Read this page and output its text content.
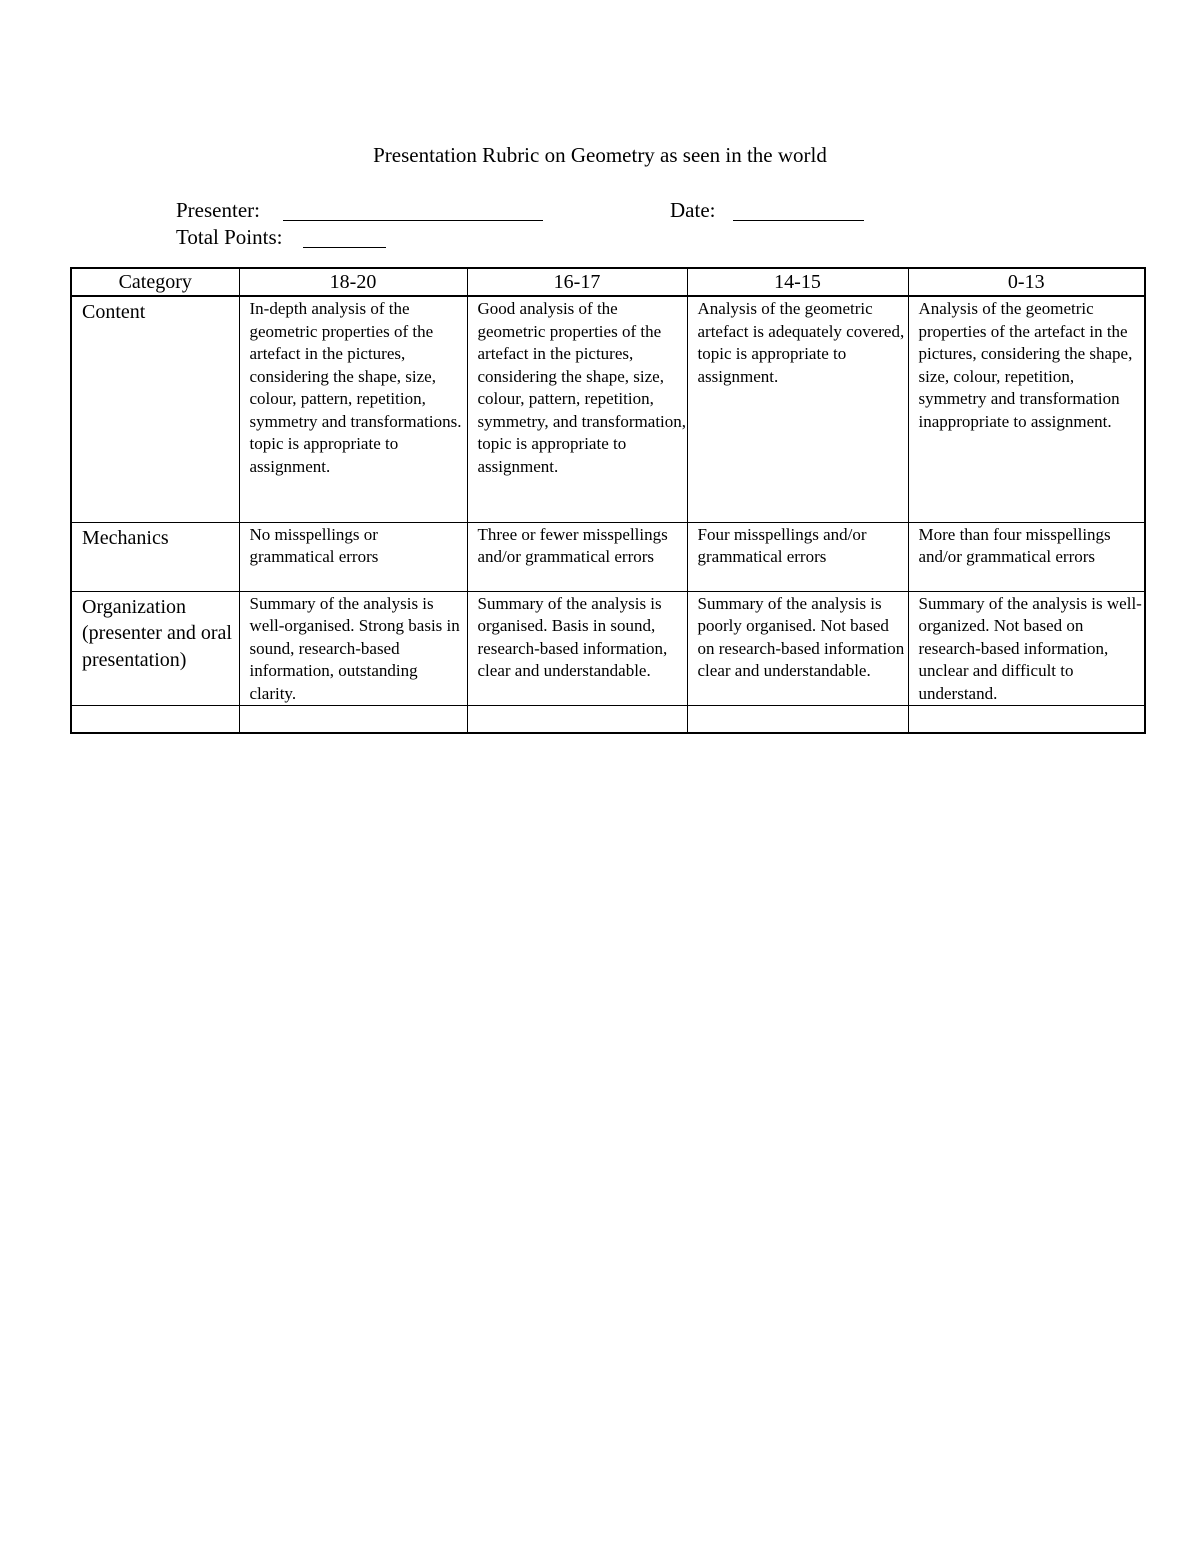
Presentation Rubric on Geometry as seen in the world
Presenter:	Date:
Total Points:
Category	18-20	16-17	14-15	0-13
Content	In-depth analysis of the geometric properties of the artefact in the pictures, considering the shape, size, colour, pattern, repetition, symmetry and transformations. topic is appropriate to assignment.	Good analysis of the geometric properties of the artefact in the pictures, considering the shape, size, colour, pattern, repetition, symmetry, and transformation, topic is appropriate to assignment.	Analysis of the geometric artefact is adequately covered, topic is appropriate to assignment.	Analysis of the geometric properties of the artefact in the pictures, considering the shape, size, colour, repetition, symmetry and transformation inappropriate to assignment.
Mechanics	No misspellings or grammatical errors	Three or fewer misspellings and/or grammatical errors	Four misspellings and/or grammatical errors	More than four misspellings and/or grammatical errors
Organization (presenter and oral presentation)	Summary of the analysis is well-organised. Strong basis in sound, research-based information, outstanding clarity.	Summary of the analysis is organised. Basis in sound, research-based information, clear and understandable.	Summary of the analysis is poorly organised. Not based on research-based information clear and understandable.	Summary of the analysis is well-organized. Not based on research-based information, unclear and difficult to understand.
